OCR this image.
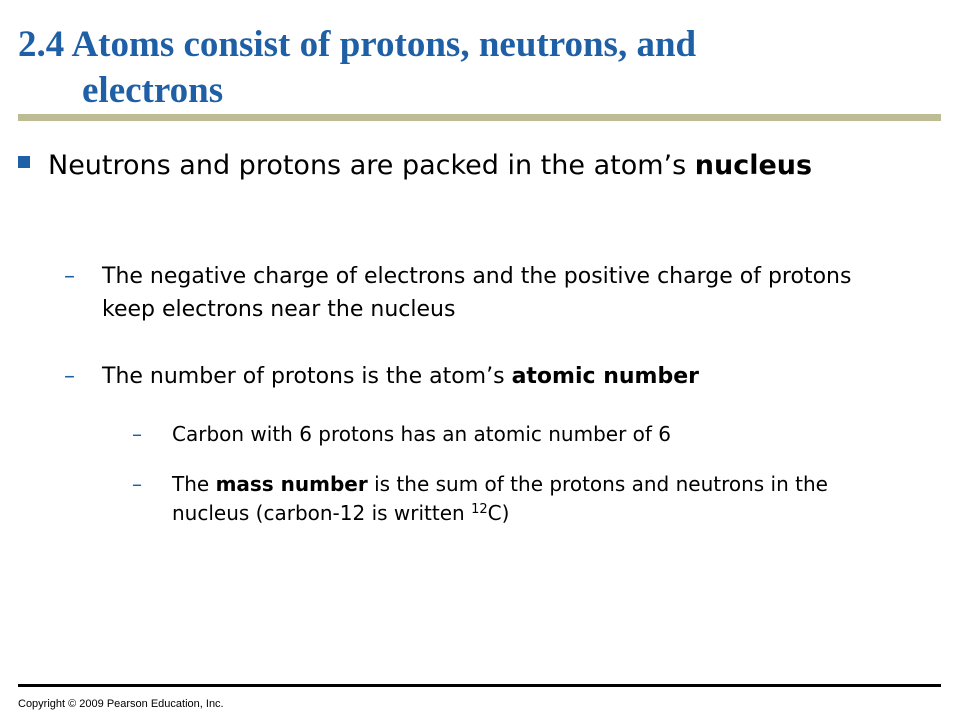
2.4 Atoms consist of protons, neutrons, and
electrons
Neutrons and protons are packed in the atom’s nucleus
– The negative charge of electrons and the positive charge of protons keep electrons near the nucleus
– The number of protons is the atom’s atomic number
– Carbon with 6 protons has an atomic number of 6
– The mass number is the sum of the protons and neutrons in the nucleus (carbon-12 is written $^{12}$C)
Copyright © 2009 Pearson Education, Inc.
